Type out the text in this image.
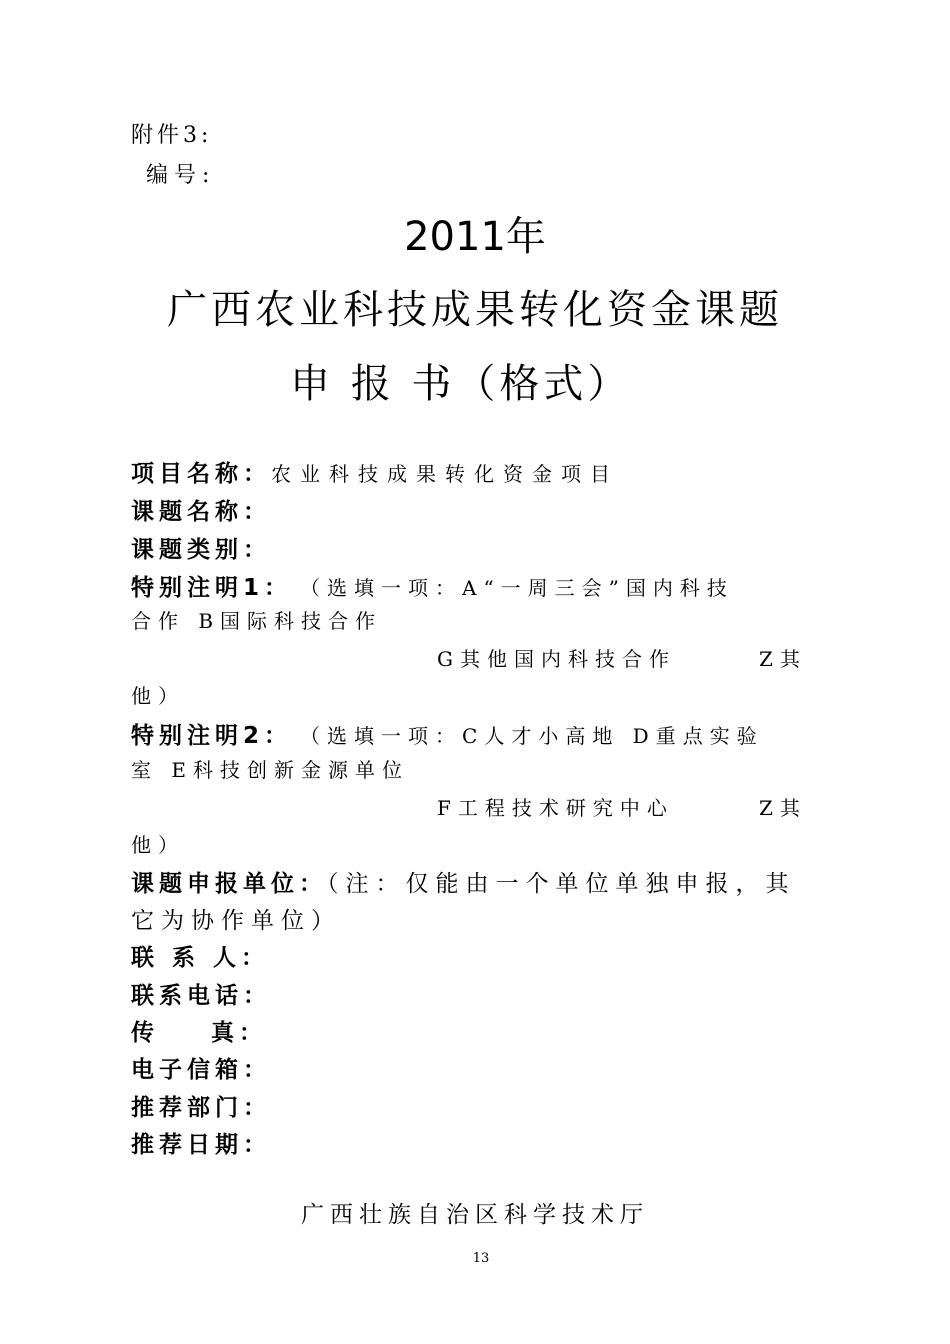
附件3:
编号:
2011年
广西农业科技成果转化资金课题
申 报 书（格式）
项目名称：农业科技成果转化资金项目
课题名称：
课题类别：
特别注明1： （选填一项：A“一周三会”国内科技
合作 B国际科技合作
G其他国内科技合作	Z其
他）
特别注明2： （选填一项：C人才小高地 D重点实验
室 E科技创新金源单位
F工程技术研究中心	Z其
他）
课题申报单位：（注：仅能由一个单位单独申报，其
它为协作单位）
联 系 人：
联系电话：
传    真：
电子信箱：
推荐部门：
推荐日期：
广西壮族自治区科学技术厅
13
